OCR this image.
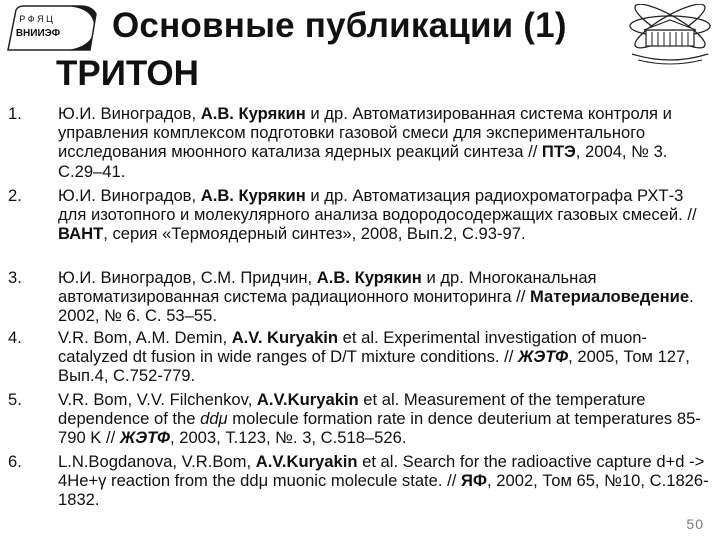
Р Ф Я Ц
ВНИИЭФ Основные публикации (1)
ТРИТОН
1. Ю.И. Виноградов, А.В. Курякин и др. Автоматизированная система контроля и управления комплексом подготовки газовой смеси для экспериментального исследования мюонного катализа ядерных реакций синтеза // ПТЭ, 2004, № 3. С.29–41.
2. Ю.И. Виноградов, А.В. Курякин и др. Автоматизация радиохроматографа РХТ-3 для изотопного и молекулярного анализа водородосодержащих газовых смесей. // ВАНТ, серия «Термоядерный синтез», 2008, Вып.2, С.93-97.
3. Ю.И. Виноградов, С.М. Придчин, А.В. Курякин и др. Многоканальная автоматизированная система радиационного мониторинга // Материаловедение. 2002, № 6. С. 53–55.
4. V.R. Bom, A.M. Demin, A.V. Kuryakin et al. Experimental investigation of muon-catalyzed dt fusion in wide ranges of D/T mixture conditions. // ЖЭТФ, 2005, Том 127, Вып.4, С.752-779.
5. V.R. Bom, V.V. Filchenkov, A.V.Kuryakin et al. Measurement of the temperature dependence of the ddμ molecule formation rate in dence deuterium at temperatures 85-790 K // ЖЭТФ, 2003, Т.123, №. 3, С.518–526.
6. L.N.Bogdanova, V.R.Bom, A.V.Kuryakin et al. Search for the radioactive capture d+d -> 4He+γ reaction from the ddμ muonic molecule state. // ЯФ, 2002, Том 65, №10, С.1826-1832.
50
